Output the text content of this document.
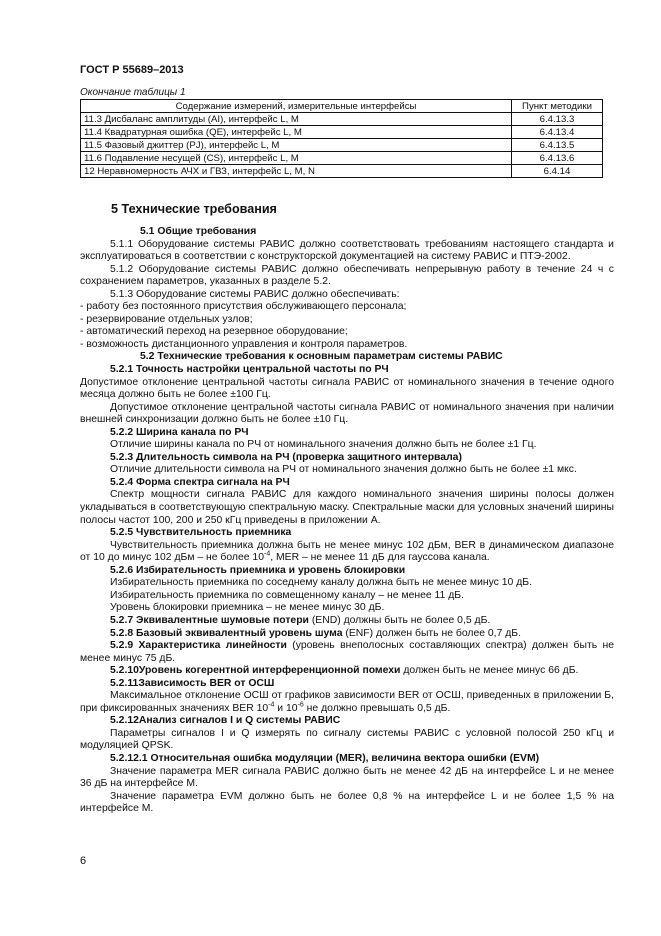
ГОСТ Р 55689–2013
Окончание таблицы 1
Содержание измерений, измерительные интерфейсы	Пункт методики
11.3 Дисбаланс амплитуды (AI), интерфейс L, M	6.4.13.3
11.4 Квадратурная ошибка (QE), интерфейс L, M	6.4.13.4
11.5 Фазовый джиттер (PJ), интерфейс L, M	6.4.13.5
11.6 Подавление несущей (CS), интерфейс L, M	6.4.13.6
12 Неравномерность АЧХ и ГВЗ, интерфейс L, M, N	6.4.14
5 Технические требования

5.1 Общие требования

5.1.1 Оборудование системы РАВИС должно соответствовать требованиям настоящего стандарта и эксплуатироваться в соответствии с конструкторской документацией на систему РАВИС и ПТЭ-2002.

5.1.2 Оборудование системы РАВИС должно обеспечивать непрерывную работу в течение 24 ч с сохранением параметров, указанных в разделе 5.2.

5.1.3 Оборудование системы РАВИС должно обеспечивать:

- работу без постоянного присутствия обслуживающего персонала;

- резервирование отдельных узлов;

- автоматический переход на резервное оборудование;

- возможность дистанционного управления и контроля параметров.

5.2 Технические требования к основным параметрам системы РАВИС

5.2.1 Точность настройки центральной частоты по РЧ

Допустимое отклонение центральной частоты сигнала РАВИС от номинального значения в течение одного месяца должно быть не более ±100 Гц.

Допустимое отклонение центральной частоты сигнала РАВИС от номинального значения при наличии внешней синхронизации должно быть не более ±10 Гц.

5.2.2 Ширина канала по РЧ

Отличие ширины канала по РЧ от номинального значения должно быть не более ±1 Гц.

5.2.3 Длительность символа на РЧ (проверка защитного интервала)

Отличие длительности символа на РЧ от номинального значения должно быть не более ±1 мкс.

5.2.4 Форма спектра сигнала на РЧ

Спектр мощности сигнала РАВИС для каждого номинального значения ширины полосы должен укладываться в соответствующую спектральную маску. Спектральные маски для условных значений ширины полосы частот 100, 200 и 250 кГц приведены в приложении А.

5.2.5 Чувствительность приемника

Чувствительность приемника должна быть не менее минус 102 дБм, BER в динамическом диапазоне от 10 до минус 102 дБм – не более $10^{-4}$, MER – не менее 11 дБ для гауссова канала.

5.2.6 Избирательность приемника и уровень блокировки

Избирательность приемника по соседнему каналу должна быть не менее минус 10 дБ.

Избирательность приемника по совмещенному каналу – не менее 11 дБ.

Уровень блокировки приемника – не менее минус 30 дБ.

5.2.7 Эквивалентные шумовые потери (END) должны быть не более 0,5 дБ.

5.2.8 Базовый эквивалентный уровень шума (ENF) должен быть не более 0,7 дБ.

5.2.9 Характеристика линейности (уровень внеполосных составляющих спектра) должен быть не менее минус 75 дБ.

5.2.10Уровень когерентной интерференционной помехи должен быть не менее минус 66 дБ.

5.2.11Зависимость BER от ОСШ

Максимальное отклонение ОСШ от графиков зависимости BER от ОСШ, приведенных в приложении Б, при фиксированных значениях BER $10^{-4}$ и $10^{-6}$ не должно превышать 0,5 дБ.

5.2.12Анализ сигналов I и Q системы РАВИС

Параметры сигналов I и Q измерять по сигналу системы РАВИС с условной полосой 250 кГц и модуляцией QPSK.

5.2.12.1 Относительная ошибка модуляции (MER), величина вектора ошибки (EVM)

Значение параметра MER сигнала РАВИС должно быть не менее 42 дБ на интерфейсе L и не менее 36 дБ на интерфейсе M.

Значение параметра EVM должно быть не более 0,8 % на интерфейсе L и не более 1,5 % на интерфейсе M.

6
